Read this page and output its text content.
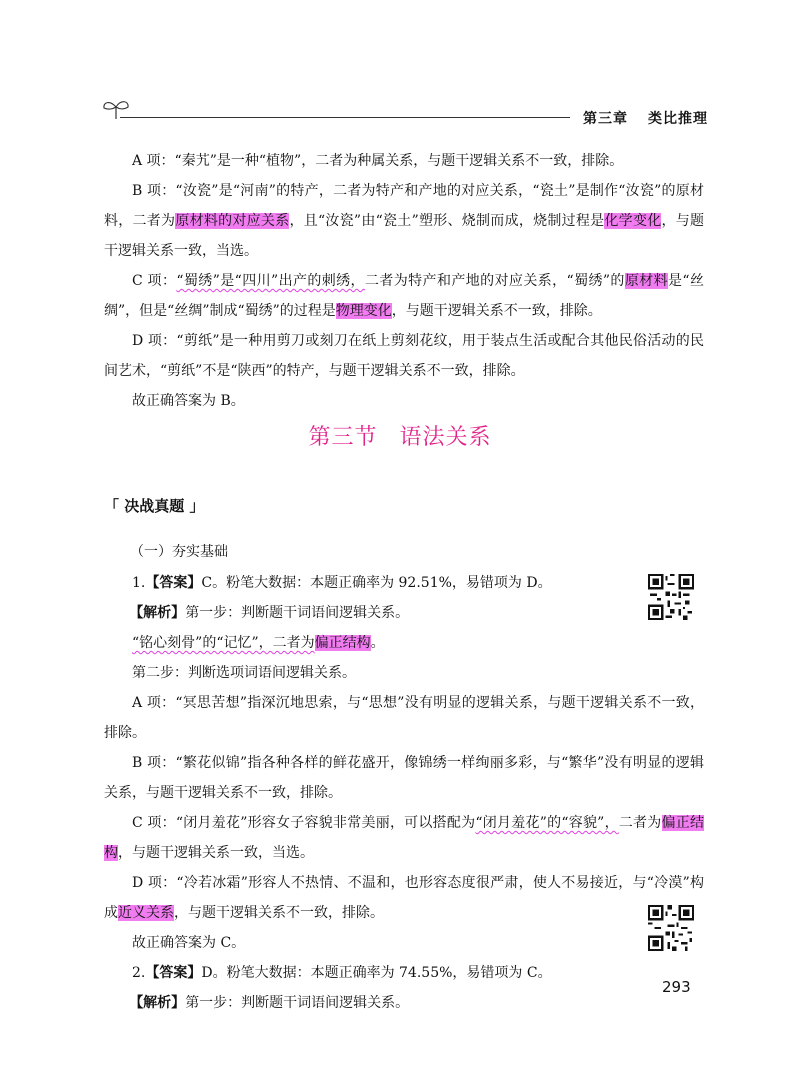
第三章 类比推理

A 项：“秦艽”是一种“植物”，二者为种属关系，与题干逻辑关系不一致，排除。

B 项：“汝瓷”是“河南”的特产，二者为特产和产地的对应关系，“瓷土”是制作“汝瓷”的原材料，二者为原材料的对应关系，且“汝瓷”由“瓷土”塑形、烧制而成，烧制过程是化学变化，与题干逻辑关系一致，当选。

C 项：“蜀绣”是“四川”出产的刺绣，二者为特产和产地的对应关系，“蜀绣”的原材料是“丝绸”，但是“丝绸”制成“蜀绣”的过程是物理变化，与题干逻辑关系不一致，排除。

D 项：“剪纸”是一种用剪刀或刻刀在纸上剪刻花纹，用于装点生活或配合其他民俗活动的民间艺术，“剪纸”不是“陕西”的特产，与题干逻辑关系不一致，排除。

故正确答案为 B。

第三节 语法关系
「 决战真题 」
（一）夯实基础

1.【答案】C。粉笔大数据：本题正确率为 92.51%，易错项为 D。

【解析】第一步：判断题干词语间逻辑关系。

“铭心刻骨”的“记忆”，二者为偏正结构。

第二步：判断选项词语间逻辑关系。

A 项：“冥思苦想”指深沉地思索，与“思想”没有明显的逻辑关系，与题干逻辑关系不一致，排除。

B 项：“繁花似锦”指各种各样的鲜花盛开，像锦绣一样绚丽多彩，与“繁华”没有明显的逻辑关系，与题干逻辑关系不一致，排除。

C 项：“闭月羞花”形容女子容貌非常美丽，可以搭配为“闭月羞花”的“容貌”，二者为偏正结构，与题干逻辑关系一致，当选。

D 项：“冷若冰霜”形容人不热情、不温和，也形容态度很严肃，使人不易接近，与“冷漠”构成近义关系，与题干逻辑关系不一致，排除。

故正确答案为 C。

2.【答案】D。粉笔大数据：本题正确率为 74.55%，易错项为 C。

【解析】第一步：判断题干词语间逻辑关系。

293
